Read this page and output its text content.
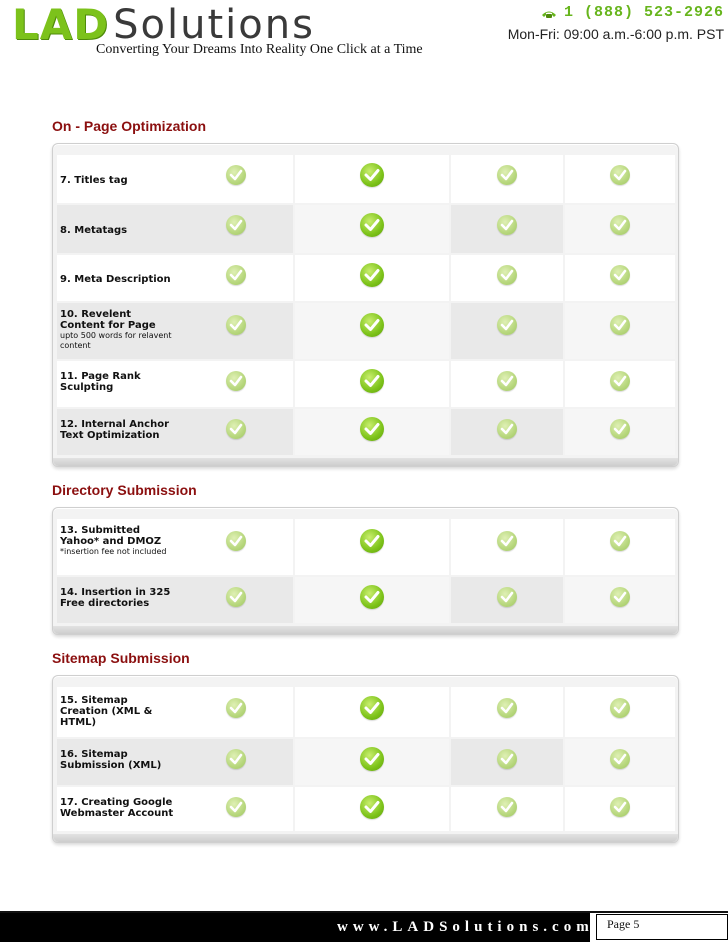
LAD Solutions
Converting Your Dreams Into Reality One Click at a Time
1 (888) 523-2926
Mon-Fri: 09:00 a.m.-6:00 p.m. PST
On - Page Optimization
7. Titles tag
8. Metatags
9. Meta Description
10. Revelent Content for Page
upto 500 words for relavent content
11. Page Rank Sculpting
12. Internal Anchor Text Optimization
Directory Submission
13. Submitted Yahoo* and DMOZ
*insertion fee not included
14. Insertion in 325 Free directories
Sitemap Submission
15. Sitemap Creation (XML & HTML)
16. Sitemap Submission (XML)
17. Creating Google Webmaster Account
www.LADSolutions.com	Page 5
